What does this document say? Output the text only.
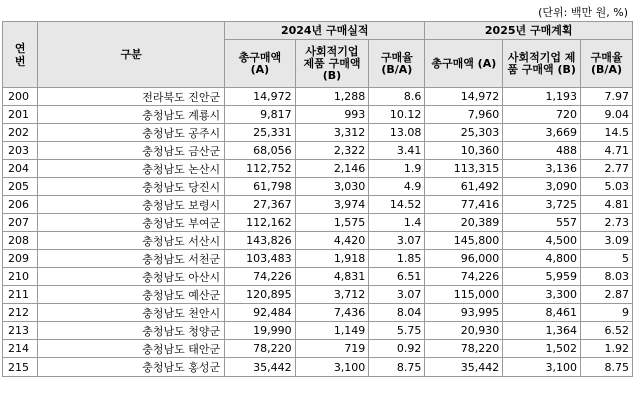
(단위: 백만 원, %)
연번	구분	2024년 구매실적			2025년 구매계획		
		총구매액 (A)	사회적기업 제품 구매액 (B)	구매율 (B/A)	총구매액 (A)	사회적기업 제품 구매액 (B)	구매율 (B/A)
200	전라북도 진안군	14,972	1,288	8.6	14,972	1,193	7.97
201	충청남도 계룡시	9,817	993	10.12	7,960	720	9.04
202	충청남도 공주시	25,331	3,312	13.08	25,303	3,669	14.5
203	충청남도 금산군	68,056	2,322	3.41	10,360	488	4.71
204	충청남도 논산시	112,752	2,146	1.9	113,315	3,136	2.77
205	충청남도 당진시	61,798	3,030	4.9	61,492	3,090	5.03
206	충청남도 보령시	27,367	3,974	14.52	77,416	3,725	4.81
207	충청남도 부여군	112,162	1,575	1.4	20,389	557	2.73
208	충청남도 서산시	143,826	4,420	3.07	145,800	4,500	3.09
209	충청남도 서천군	103,483	1,918	1.85	96,000	4,800	5
210	충청남도 아산시	74,226	4,831	6.51	74,226	5,959	8.03
211	충청남도 예산군	120,895	3,712	3.07	115,000	3,300	2.87
212	충청남도 천안시	92,484	7,436	8.04	93,995	8,461	9
213	충청남도 청양군	19,990	1,149	5.75	20,930	1,364	6.52
214	충청남도 태안군	78,220	719	0.92	78,220	1,502	1.92
215	충청남도 홍성군	35,442	3,100	8.75	35,442	3,100	8.75
